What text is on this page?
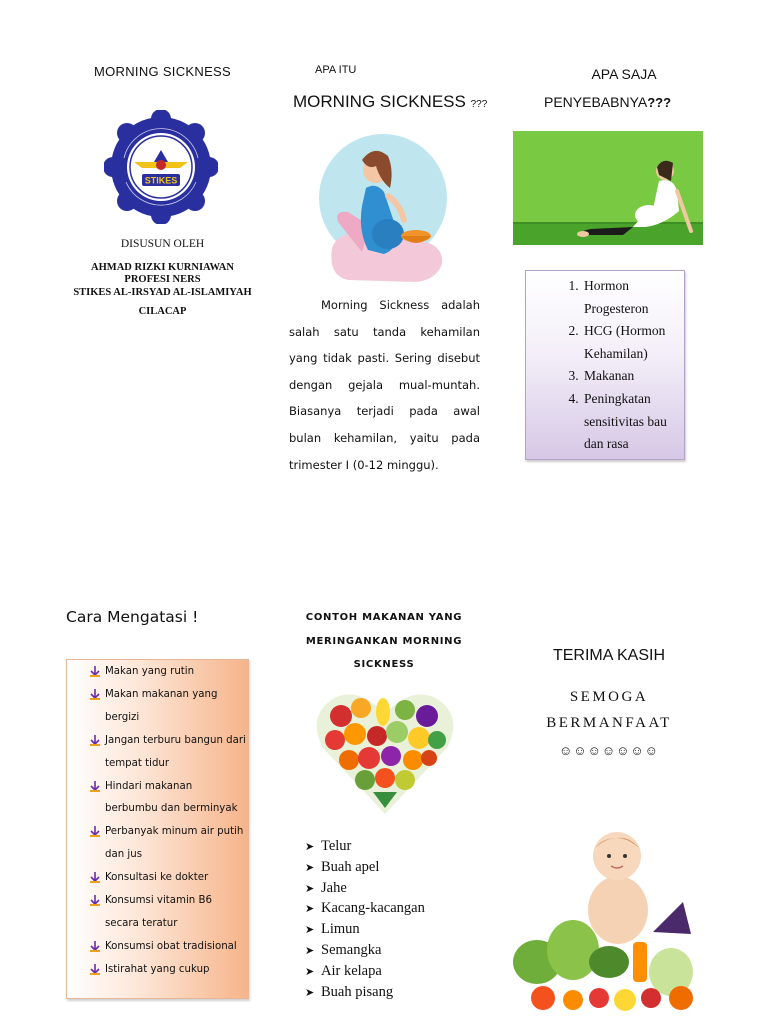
MORNING SICKNESS
STIKES
DISUSUN OLEH
AHMAD RIZKI KURNIAWAN
PROFESI NERS
STIKES AL-IRSYAD AL-ISLAMIYAH
CILACAP
APA ITU
MORNING SICKNESS ???
Morning Sickness adalah salah satu tanda kehamilan yang tidak pasti. Sering disebut dengan gejala mual-muntah. Biasanya terjadi pada awal bulan kehamilan, yaitu pada trimester I (0-12 minggu).
APA SAJA
PENYEBABNYA???
1. Hormon Progesteron
2. HCG (Hormon Kehamilan)
3. Makanan
4. Peningkatan sensitivitas bau dan rasa
Cara Mengatasi !
Makan yang rutin
Makan makanan yang bergizi
Jangan terburu bangun dari tempat tidur
Hindari makanan berbumbu dan berminyak
Perbanyak minum air putih dan jus
Konsultasi ke dokter
Konsumsi vitamin B6 secara teratur
Konsumsi obat tradisional
Istirahat yang cukup
CONTOH MAKANAN YANG
MERINGANKAN MORNING
SICKNESS
➤ Telur
➤ Buah apel
➤ Jahe
➤ Kacang-kacangan
➤ Limun
➤ Semangka
➤ Air kelapa
➤ Buah pisang
TERIMA KASIH
SEMOGA
BERMANFAAT
☺☺☺☺☺☺☺
